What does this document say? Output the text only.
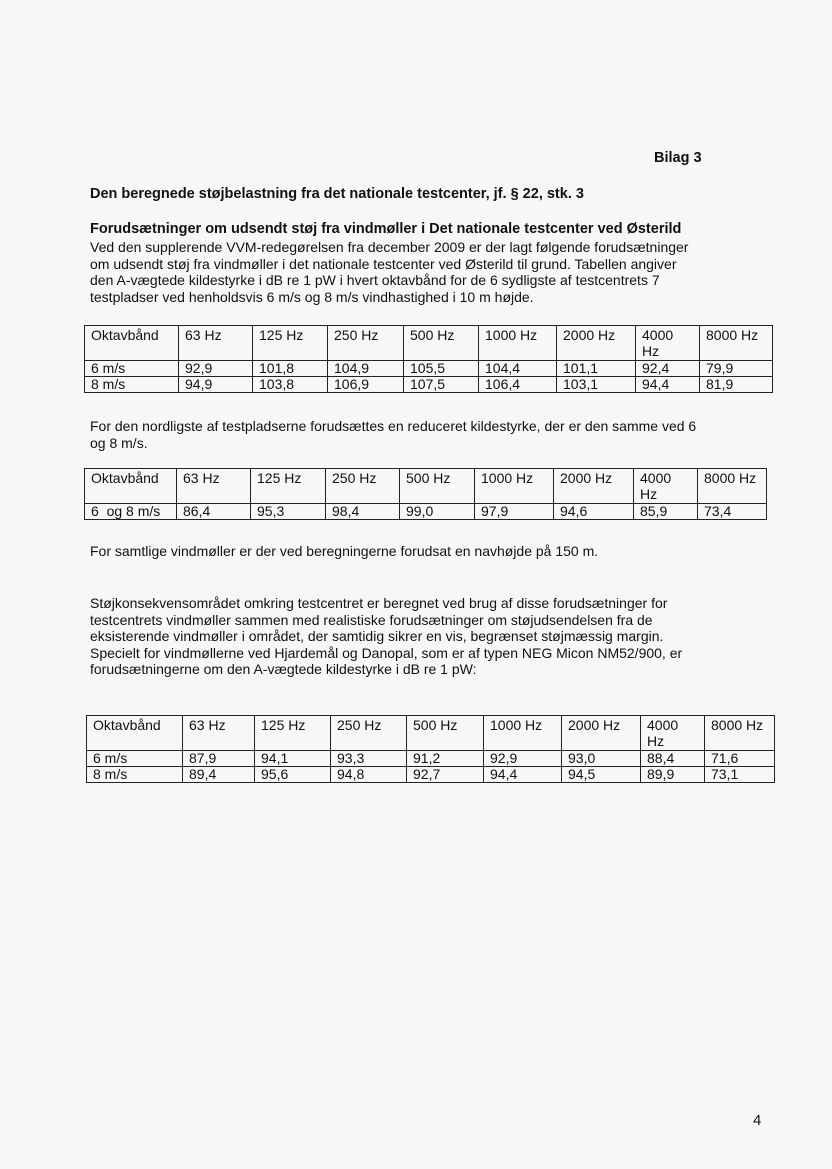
Bilag 3
Den beregnede støjbelastning fra det nationale testcenter, jf. § 22, stk. 3
Forudsætninger om udsendt støj fra vindmøller i Det nationale testcenter ved Østerild
Ved den supplerende VVM-redegørelsen fra december 2009 er der lagt følgende forudsætninger
om udsendt støj fra vindmøller i det nationale testcenter ved Østerild til grund. Tabellen angiver
den A-vægtede kildestyrke i dB re 1 pW i hvert oktavbånd for de 6 sydligste af testcentrets 7
testpladser ved henholdsvis 6 m/s og 8 m/s vindhastighed i 10 m højde.
Oktavbånd	63 Hz	125 Hz	250 Hz	500 Hz	1000 Hz	2000 Hz	4000 Hz	8000 Hz
6 m/s	92,9	101,8	104,9	105,5	104,4	101,1	92,4	79,9
8 m/s	94,9	103,8	106,9	107,5	106,4	103,1	94,4	81,9
For den nordligste af testpladserne forudsættes en reduceret kildestyrke, der er den samme ved 6
og 8 m/s.
Oktavbånd	63 Hz	125 Hz	250 Hz	500 Hz	1000 Hz	2000 Hz	4000 Hz	8000 Hz
6  og 8 m/s	86,4	95,3	98,4	99,0	97,9	94,6	85,9	73,4
For samtlige vindmøller er der ved beregningerne forudsat en navhøjde på 150 m.
Støjkonsekvensområdet omkring testcentret er beregnet ved brug af disse forudsætninger for
testcentrets vindmøller sammen med realistiske forudsætninger om støjudsendelsen fra de
eksisterende vindmøller i området, der samtidig sikrer en vis, begrænset støjmæssig margin.
Specielt for vindmøllerne ved Hjardemål og Danopal, som er af typen NEG Micon NM52/900, er
forudsætningerne om den A-vægtede kildestyrke i dB re 1 pW:
Oktavbånd	63 Hz	125 Hz	250 Hz	500 Hz	1000 Hz	2000 Hz	4000 Hz	8000 Hz
6 m/s	87,9	94,1	93,3	91,2	92,9	93,0	88,4	71,6
8 m/s	89,4	95,6	94,8	92,7	94,4	94,5	89,9	73,1
4
